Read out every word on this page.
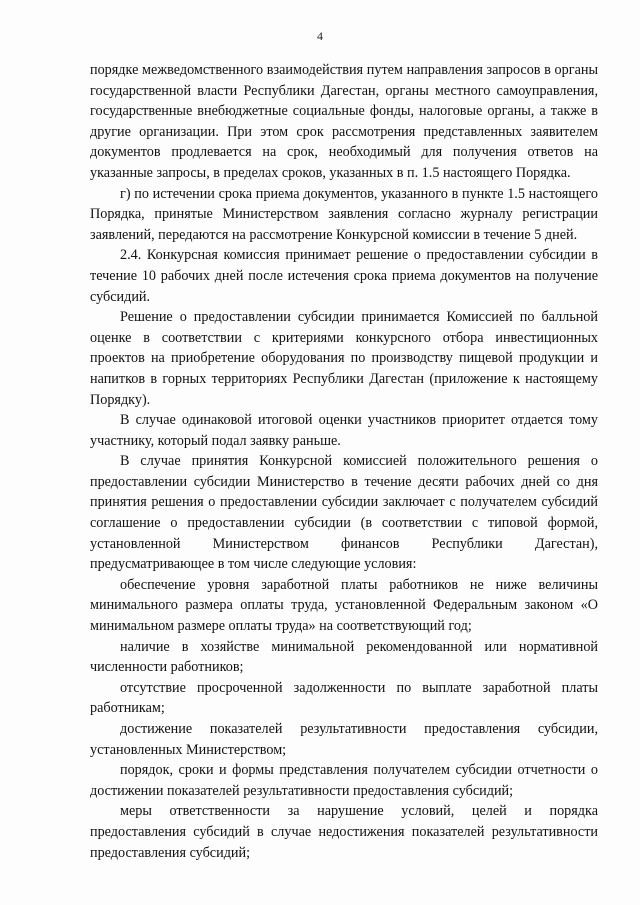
4

порядке межведомственного взаимодействия путем направления запросов в органы государственной власти Республики Дагестан, органы местного самоуправления, государственные внебюджетные социальные фонды, налоговые органы, а также в другие организации. При этом срок рассмотрения представленных заявителем документов продлевается на срок, необходимый для получения ответов на указанные запросы, в пределах сроков, указанных в п. 1.5 настоящего Порядка.

г) по истечении срока приема документов, указанного в пункте 1.5 настоящего Порядка, принятые Министерством заявления согласно журналу регистрации заявлений, передаются на рассмотрение Конкурсной комиссии в течение 5 дней.

2.4. Конкурсная комиссия принимает решение о предоставлении субсидии в течение 10 рабочих дней после истечения срока приема документов на получение субсидий.

Решение о предоставлении субсидии принимается Комиссией по балльной оценке в соответствии с критериями конкурсного отбора инвестиционных проектов на приобретение оборудования по производству пищевой продукции и напитков в горных территориях Республики Дагестан (приложение к настоящему Порядку).

В случае одинаковой итоговой оценки участников приоритет отдается тому участнику, который подал заявку раньше.

В случае принятия Конкурсной комиссией положительного решения о предоставлении субсидии Министерство в течение десяти рабочих дней со дня принятия решения о предоставлении субсидии заключает с получателем субсидий соглашение о предоставлении субсидии (в соответствии с типовой формой, установленной Министерством финансов Республики Дагестан), предусматривающее в том числе следующие условия:

обеспечение уровня заработной платы работников не ниже величины минимального размера оплаты труда, установленной Федеральным законом «О минимальном размере оплаты труда» на соответствующий год;

наличие в хозяйстве минимальной рекомендованной или нормативной численности работников;

отсутствие просроченной задолженности по выплате заработной платы работникам;

достижение показателей результативности предоставления субсидии, установленных Министерством;

порядок, сроки и формы представления получателем субсидии отчетности о достижении показателей результативности предоставления субсидий;

меры ответственности за нарушение условий, целей и порядка предоставления субсидий в случае недостижения показателей результативности предоставления субсидий;
